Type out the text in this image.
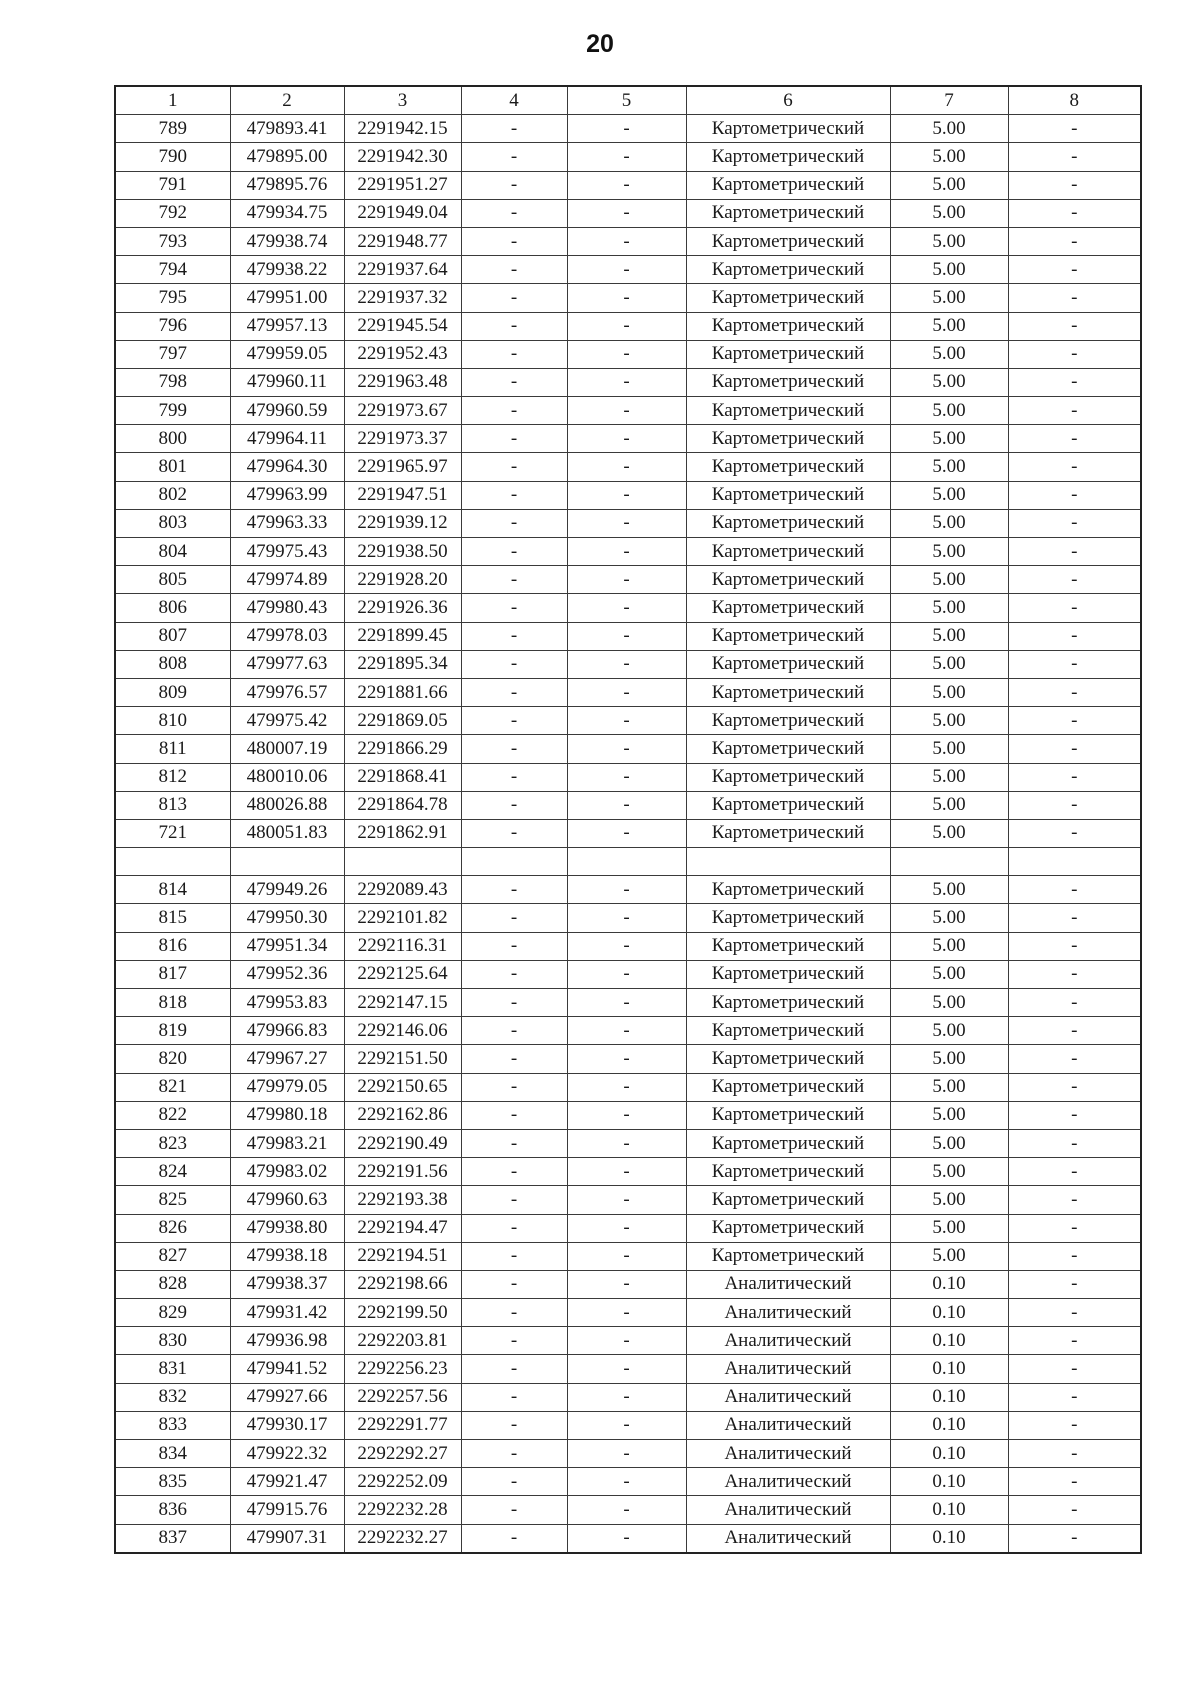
20
1	2	3	4	5	6	7	8
789	479893.41	2291942.15	-	-	Картометрический	5.00	-
790	479895.00	2291942.30	-	-	Картометрический	5.00	-
791	479895.76	2291951.27	-	-	Картометрический	5.00	-
792	479934.75	2291949.04	-	-	Картометрический	5.00	-
793	479938.74	2291948.77	-	-	Картометрический	5.00	-
794	479938.22	2291937.64	-	-	Картометрический	5.00	-
795	479951.00	2291937.32	-	-	Картометрический	5.00	-
796	479957.13	2291945.54	-	-	Картометрический	5.00	-
797	479959.05	2291952.43	-	-	Картометрический	5.00	-
798	479960.11	2291963.48	-	-	Картометрический	5.00	-
799	479960.59	2291973.67	-	-	Картометрический	5.00	-
800	479964.11	2291973.37	-	-	Картометрический	5.00	-
801	479964.30	2291965.97	-	-	Картометрический	5.00	-
802	479963.99	2291947.51	-	-	Картометрический	5.00	-
803	479963.33	2291939.12	-	-	Картометрический	5.00	-
804	479975.43	2291938.50	-	-	Картометрический	5.00	-
805	479974.89	2291928.20	-	-	Картометрический	5.00	-
806	479980.43	2291926.36	-	-	Картометрический	5.00	-
807	479978.03	2291899.45	-	-	Картометрический	5.00	-
808	479977.63	2291895.34	-	-	Картометрический	5.00	-
809	479976.57	2291881.66	-	-	Картометрический	5.00	-
810	479975.42	2291869.05	-	-	Картометрический	5.00	-
811	480007.19	2291866.29	-	-	Картометрический	5.00	-
812	480010.06	2291868.41	-	-	Картометрический	5.00	-
813	480026.88	2291864.78	-	-	Картометрический	5.00	-
721	480051.83	2291862.91	-	-	Картометрический	5.00	-

814	479949.26	2292089.43	-	-	Картометрический	5.00	-
815	479950.30	2292101.82	-	-	Картометрический	5.00	-
816	479951.34	2292116.31	-	-	Картометрический	5.00	-
817	479952.36	2292125.64	-	-	Картометрический	5.00	-
818	479953.83	2292147.15	-	-	Картометрический	5.00	-
819	479966.83	2292146.06	-	-	Картометрический	5.00	-
820	479967.27	2292151.50	-	-	Картометрический	5.00	-
821	479979.05	2292150.65	-	-	Картометрический	5.00	-
822	479980.18	2292162.86	-	-	Картометрический	5.00	-
823	479983.21	2292190.49	-	-	Картометрический	5.00	-
824	479983.02	2292191.56	-	-	Картометрический	5.00	-
825	479960.63	2292193.38	-	-	Картометрический	5.00	-
826	479938.80	2292194.47	-	-	Картометрический	5.00	-
827	479938.18	2292194.51	-	-	Картометрический	5.00	-
828	479938.37	2292198.66	-	-	Аналитический	0.10	-
829	479931.42	2292199.50	-	-	Аналитический	0.10	-
830	479936.98	2292203.81	-	-	Аналитический	0.10	-
831	479941.52	2292256.23	-	-	Аналитический	0.10	-
832	479927.66	2292257.56	-	-	Аналитический	0.10	-
833	479930.17	2292291.77	-	-	Аналитический	0.10	-
834	479922.32	2292292.27	-	-	Аналитический	0.10	-
835	479921.47	2292252.09	-	-	Аналитический	0.10	-
836	479915.76	2292232.28	-	-	Аналитический	0.10	-
837	479907.31	2292232.27	-	-	Аналитический	0.10	-
